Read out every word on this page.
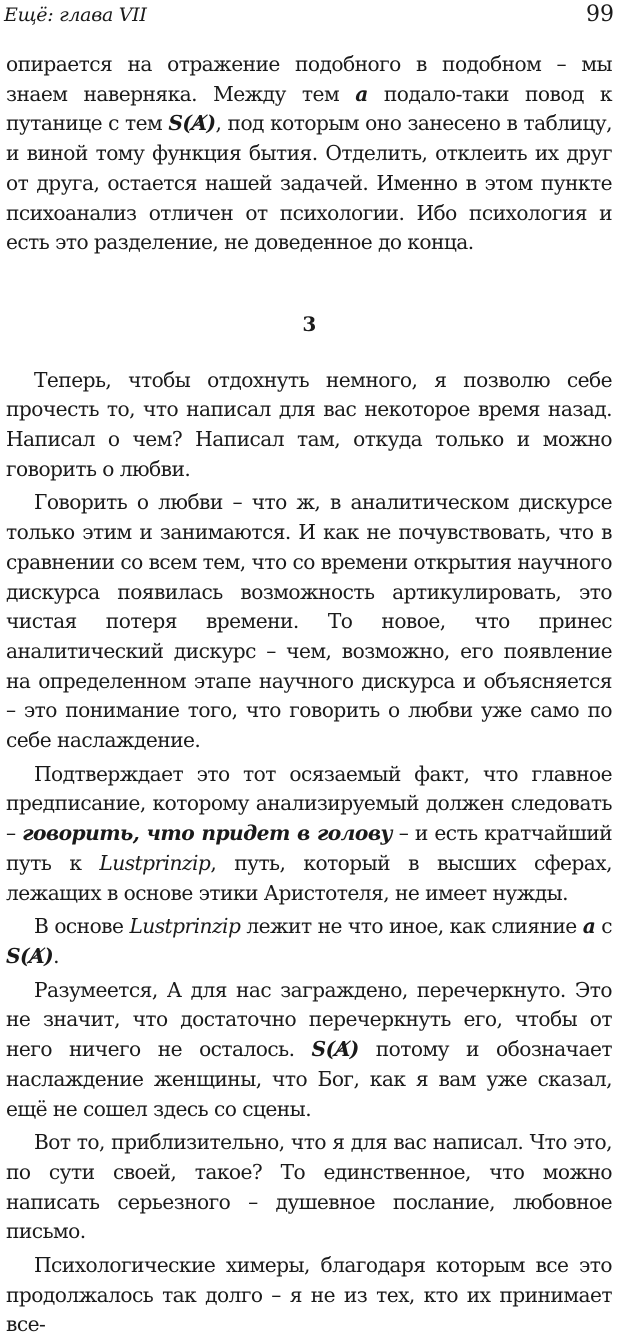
Ещё: глава VII	99

опирается на отражение подобного в подобном – мы знаем наверняка. Между тем a подало-таки повод к путанице с тем S(A̸), под которым оно занесено в таблицу, и виной тому функция бытия. Отделить, отклеить их друг от друга, остается нашей задачей. Именно в этом пункте психоанализ отличен от психологии. Ибо психология и есть это разделение, не доведенное до конца.

3

Теперь, чтобы отдохнуть немного, я позволю себе прочесть то, что написал для вас некоторое время назад. Написал о чем? Написал там, откуда только и можно говорить о любви.

Говорить о любви – что ж, в аналитическом дискурсе только этим и занимаются. И как не почувствовать, что в сравнении со всем тем, что со времени открытия научного дискурса появилась возможность артикулировать, это чистая потеря времени. То новое, что принес аналитический дискурс – чем, возможно, его появление на определенном этапе научного дискурса и объясняется – это понимание того, что говорить о любви уже само по себе наслаждение.

Подтверждает это тот осязаемый факт, что главное предписание, которому анализируемый должен следовать – говорить, что придет в голову – и есть кратчайший путь к Lustprinzip, путь, который в высших сферах, лежащих в основе этики Аристотеля, не имеет нужды.

В основе Lustprinzip лежит не что иное, как слияние a с S(A̸).

Разумеется, А для нас заграждено, перечеркнуто. Это не значит, что достаточно перечеркнуть его, чтобы от него ничего не осталось. S(A̸) потому и обозначает наслаждение женщины, что Бог, как я вам уже сказал, ещё не сошел здесь со сцены.

Вот то, приблизительно, что я для вас написал. Что это, по сути своей, такое? То единственное, что можно написать серьезного – душевное послание, любовное письмо.

Психологические химеры, благодаря которым все это продолжалось так долго – я не из тех, кто их принимает все-
